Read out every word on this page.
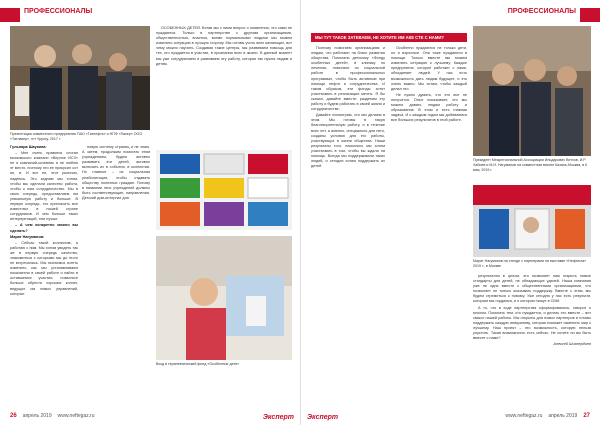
ПРОФЕССИОНАЛЫ
Презентация совместного предприятия ПАО «Татнефть» и НПФ «Пакер» ООО «Татпакер», пгт Уруссу, 2017 г.

Гульнара Шаукина:

– Мне очень нравится слоган московского компани «Верное ИСЗ» не я компаний-кочевник я не люблю эт место, поэтому это ее прикусил сот ин, в. И вот ее, этот рыночек, надеюсь. Это задним мы хотим, чтобы мы сделали качество работа, чтобы к нам сотрудничество. Мы в свою очередь, предоставляем им уникальную работу и больше. В первую очередь, это пригласить все известных в нашей стране сотрудников. И чем больше таких интерпретаций, тем лучше.

– А чем конкретно можно вы сделать?

Марат Нагуманов:

– Сейчас такой коллектив, я работаю с ним. Мы хотим увидеть так же в первую очередь качество, знакомиться с которыми мы до этого не встречались. Мы пытаемся хотеть изменить как мы устанавливаем показатели в своей работе и найти в оставшемся участии, позвольте больше обрести хороших коллег, ведущих им новых управлений, которые

новую систему страниц и не знаю. А затем, продолжим помогать этим учреждениям, будем активно развивать эти детей, активно включать их в события, в коллектив. Но главное – их социальная реабилитация, чтобы отдавать обществу полезных граждан. Потому в названии этих учреждений должны быть соответствующие, направления. Детский дом-интернат для

ОСОБЕННЫХ ДЕТЕЙ. Встав мы с ними вопрос о появлении, что сами не нуждаются. Только в партнерстве с другими организациями, общественностью, властью, всеми нормальными людьми мы можем изменить ситуацию в лучшую сторону. Мы готовы учить всех желающих, вот чему можно научить. Создавая такие центры, мы развиваем помощь для тех, кто нуждается в участии, в признании всех в жизни. В данный момент мы уже сотрудничаем и развиваем эту работу, которая так нужна людям и детям.

Вход в терапевтический фонд «Особенные дети»
26 апрель 2019 www.neftegaz.ru	Эксперт
ПРОФЕССИОНАЛЫ
МЫ ТУТ ТАКОЕ ЗАТЕВАЕМ, НЕ ХОТИТЕ ИМ АКЕ СТЕ С НАМИ?

Поэтому помогаем организациям и людям, что работают на благо развития общества. Помогали детскому «Фонду особенных детей», в клинику по лечению, помогали по социальной работе в профессиональных программах, чтобы быть активным при помощи нефти и сотрудничества. И таким образом, эти фонды хотят участвовать в реализации мечты. Я бы сказал, давайте вместе: разделим эту работу и будем работать в своей жизни и сотрудничестве.

Давайте посмотрим, что мы делаем в этом. Мы готовы в такую благотворительную работу, и в течение всех лет, а именно, специально для него, созданы условия для его работы, участвующих в жизни общества. Наши результаты того, насколько мы хотим участвовать в том, чтобы вы ждали на помощь. Всегда мы поддерживали таких людей, и сегодня хотим поддержать их детей.

Особенно нуждаются не только дети, но и взрослые. Они тоже нуждаются в помощи. Только вместе мы можем изменить ситуацию к лучшему. Каждое предприятие, которое работает с нами, объединяет людей. У нас есть возможность дать людям будущее, и это очень важно. Мы хотим, чтобы каждый делал это.

Не нужно думать, что это все не получится. Опыт показывает, что мы можем давать людям работу и образование. В этом и есть главная задача. И с каждым годом мы добиваемся все больших результатов в этой работе.

Президент Межрегиональной Ассоциации Ильдарович Ветхов, И.Р. Хабиев и М.И. Нагуманов на совместном визите Казань-Москва, в 6 мая, 2019 г.
Марат Нагуманов на стенде с партнерами на выставке «Нефтегаз» 2019 г., в Москве

результатом в целом, это позволяет нам открыть новые стандарты для детей, не обладающих удачей. Наша компания уже не одна вместе с общественными организациями, что позволяет не только оказывать поддержку. Вместе с этим, мы будем стремиться к новому. Уже сегодня у нас есть результат, которым мы гордимся, и о котором пишут в СМИ.

А то, что в ходе партнерства сформировались, говорит о многом. Помогать тем, кто нуждается, и делать это вместе – вот смысл нашей работы. Мы открыты для новых партнеров и готовы поддержать каждую инициативу, которая поможет изменить мир к лучшему. Наш проект – это возможность, которую нельзя упустить. Такая возможность есть сейчас. Не хотите ли вы быть вместе с нами?

Алексей Шихвердиев

Эксперт	www.neftegaz.ru апрель 2019 27
